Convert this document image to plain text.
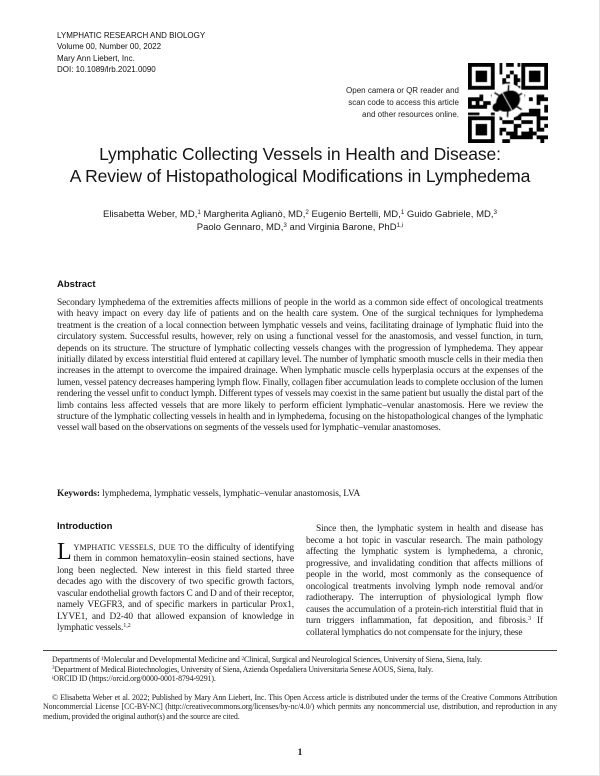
LYMPHATIC RESEARCH AND BIOLOGY
Volume 00, Number 00, 2022
Mary Ann Liebert, Inc.
DOI: 10.1089/lrb.2021.0090
Open camera or QR reader and
scan code to access this article
and other resources online.
Lymphatic Collecting Vessels in Health and Disease:
A Review of Histopathological Modifications in Lymphedema
Elisabetta Weber, MD,$^1$ Margherita Aglianò, MD,$^2$ Eugenio Bertelli, MD,$^1$ Guido Gabriele, MD,$^3$
Paolo Gennaro, MD,$^3$ and Virginia Barone, PhD$^{1,i}$
Abstract
Secondary lymphedema of the extremities affects millions of people in the world as a common side effect of oncological treatments with heavy impact on every day life of patients and on the health care system. One of the surgical techniques for lymphedema treatment is the creation of a local connection between lymphatic vessels and veins, facilitating drainage of lymphatic fluid into the circulatory system. Successful results, however, rely on using a functional vessel for the anastomosis, and vessel function, in turn, depends on its structure. The structure of lymphatic collecting vessels changes with the progression of lymphedema. They appear initially dilated by excess interstitial fluid entered at capillary level. The number of lymphatic smooth muscle cells in their media then increases in the attempt to overcome the impaired drainage. When lymphatic muscle cells hyperplasia occurs at the expenses of the lumen, vessel patency decreases hampering lymph flow. Finally, collagen fiber accumulation leads to complete occlusion of the lumen rendering the vessel unfit to conduct lymph. Different types of vessels may coexist in the same patient but usually the distal part of the limb contains less affected vessels that are more likely to perform efficient lymphatic–venular anastomosis. Here we review the structure of the lymphatic collecting vessels in health and in lymphedema, focusing on the histopathological changes of the lymphatic vessel wall based on the observations on segments of the vessels used for lymphatic–venular anastomoses.
Keywords: lymphedema, lymphatic vessels, lymphatic–venular anastomosis, LVA
Introduction

LYMPHATIC VESSELS, DUE TO the difficulty of identifying them in common hematoxylin–eosin stained sections, have long been neglected. New interest in this field started three decades ago with the discovery of two specific growth factors, vascular endothelial growth factors C and D and of their receptor, namely VEGFR3, and of specific markers in particular Prox1, LYVE1, and D2-40 that allowed expansion of knowledge in lymphatic vessels.$^{1,2}$

Since then, the lymphatic system in health and disease has become a hot topic in vascular research. The main pathology affecting the lymphatic system is lymphedema, a chronic, progressive, and invalidating condition that affects millions of people in the world, most commonly as the consequence of oncological treatments involving lymph node removal and/or radiotherapy. The interruption of physiological lymph flow causes the accumulation of a protein-rich interstitial fluid that in turn triggers inflammation, fat deposition, and fibrosis.$^3$ If collateral lymphatics do not compensate for the injury, these

Departments of $^1$Molecular and Developmental Medicine and $^2$Clinical, Surgical and Neurological Sciences, University of Siena, Siena, Italy.

$^3$Department of Medical Biotechnologies, University of Siena, Azienda Ospedaliera Universitaria Senese AOUS, Siena, Italy.

$^i$ORCID ID (https://orcid.org/0000-0001-8794-9291).

© Elisabetta Weber et al. 2022; Published by Mary Ann Liebert, Inc. This Open Access article is distributed under the terms of the Creative Commons Attribution Noncommercial License [CC-BY-NC] (http://creativecommons.org/licenses/by-nc/4.0/) which permits any noncommercial use, distribution, and reproduction in any medium, provided the original author(s) and the source are cited.

1
